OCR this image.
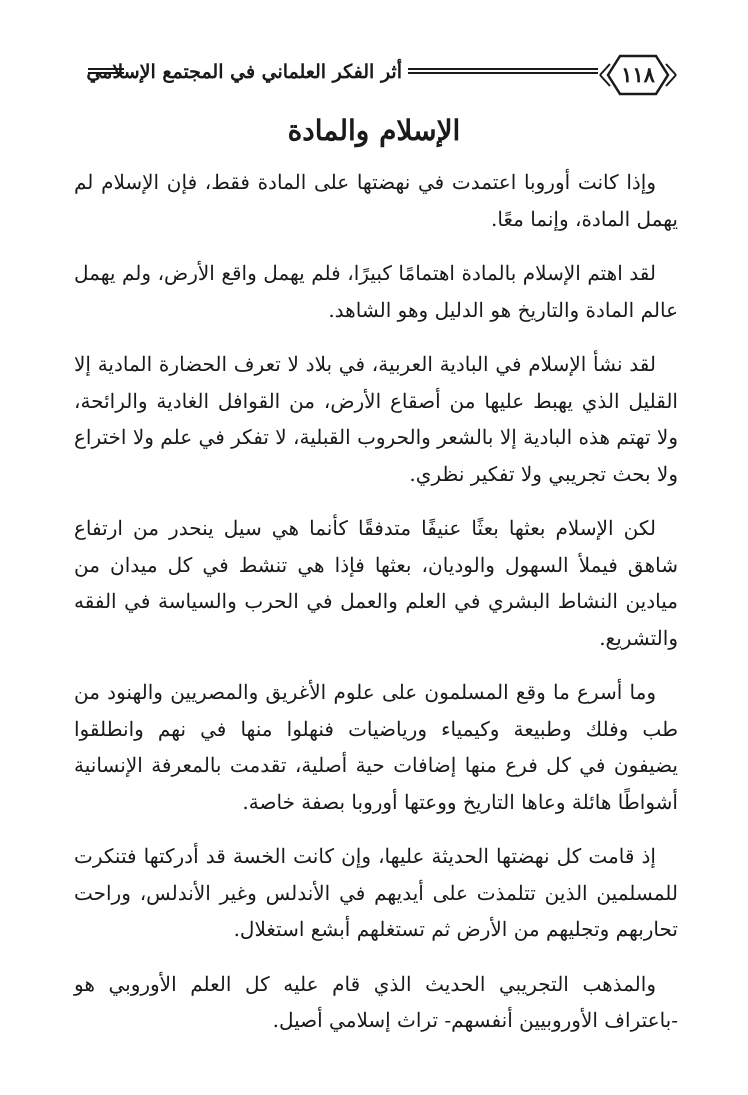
أثر الفكر العلماني في المجتمع الإسلامي	١١٨
الإسلام والمادة

وإذا كانت أوروبا اعتمدت في نهضتها على المادة فقط، فإن الإسلام لم يهمل المادة، وإنما معًا.

لقد اهتم الإسلام بالمادة اهتمامًا كبيرًا، فلم يهمل واقع الأرض، ولم يهمل عالم المادة والتاريخ هو الدليل وهو الشاهد.

لقد نشأ الإسلام في البادية العربية، في بلاد لا تعرف الحضارة المادية إلا القليل الذي يهبط عليها من أصقاع الأرض، من القوافل الغادية والرائحة، ولا تهتم هذه البادية إلا بالشعر والحروب القبلية، لا تفكر في علم ولا اختراع ولا بحث تجريبي ولا تفكير نظري.

لكن الإسلام بعثها بعثًا عنيفًا متدفقًا كأنما هي سيل ينحدر من ارتفاع شاهق فيملأ السهول والوديان، بعثها فإذا هي تنشط في كل ميدان من ميادين النشاط البشري في العلم والعمل في الحرب والسياسة في الفقه والتشريع.

وما أسرع ما وقع المسلمون على علوم الأغريق والمصريين والهنود من طب وفلك وطبيعة وكيمياء ورياضيات فنهلوا منها في نهم وانطلقوا يضيفون في كل فرع منها إضافات حية أصلية، تقدمت بالمعرفة الإنسانية أشواطًا هائلة وعاها التاريخ ووعتها أوروبا بصفة خاصة.

إذ قامت كل نهضتها الحديثة عليها، وإن كانت الخسة قد أدركتها فتنكرت للمسلمين الذين تتلمذت على أيديهم في الأندلس وغير الأندلس، وراحت تحاربهم وتجليهم من الأرض ثم تستغلهم أبشع استغلال.

والمذهب التجريبي الحديث الذي قام عليه كل العلم الأوروبي هو -باعتراف الأوروبيين أنفسهم- تراث إسلامي أصيل.
